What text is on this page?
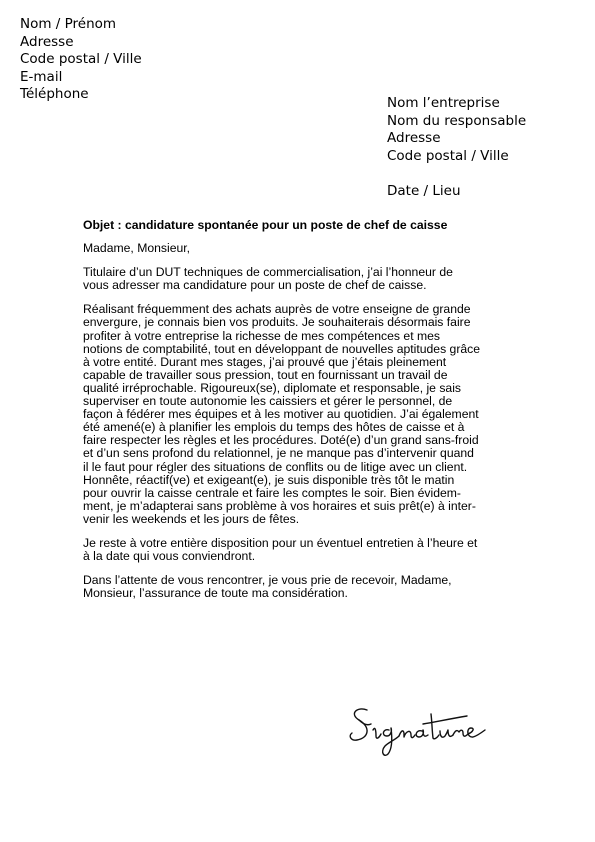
Nom / Prénom
Adresse
Code postal / Ville
E-mail
Téléphone
Nom l’entreprise
Nom du responsable
Adresse
Code postal / Ville
Date / Lieu
Objet : candidature spontanée pour un poste de chef de caisse

Madame, Monsieur,

Titulaire d’un DUT techniques de commercialisation, j’ai l’honneur de
vous adresser ma candidature pour un poste de chef de caisse.

Réalisant fréquemment des achats auprès de votre enseigne de grande
envergure, je connais bien vos produits. Je souhaiterais désormais faire
profiter à votre entreprise la richesse de mes compétences et mes
notions de comptabilité, tout en développant de nouvelles aptitudes grâce
à votre entité. Durant mes stages, j’ai prouvé que j’étais pleinement
capable de travailler sous pression, tout en fournissant un travail de
qualité irréprochable. Rigoureux(se), diplomate et responsable, je sais
superviser en toute autonomie les caissiers et gérer le personnel, de
façon à fédérer mes équipes et à les motiver au quotidien. J’ai également
été amené(e) à planifier les emplois du temps des hôtes de caisse et à
faire respecter les règles et les procédures. Doté(e) d’un grand sans-froid
et d’un sens profond du relationnel, je ne manque pas d’intervenir quand
il le faut pour régler des situations de conflits ou de litige avec un client.
Honnête, réactif(ve) et exigeant(e), je suis disponible très tôt le matin
pour ouvrir la caisse centrale et faire les comptes le soir. Bien évidem-
ment, je m’adapterai sans problème à vos horaires et suis prêt(e) à inter-
venir les weekends et les jours de fêtes.

Je reste à votre entière disposition pour un éventuel entretien à l’heure et
à la date qui vous conviendront.

Dans l’attente de vous rencontrer, je vous prie de recevoir, Madame,
Monsieur, l’assurance de toute ma considération.
